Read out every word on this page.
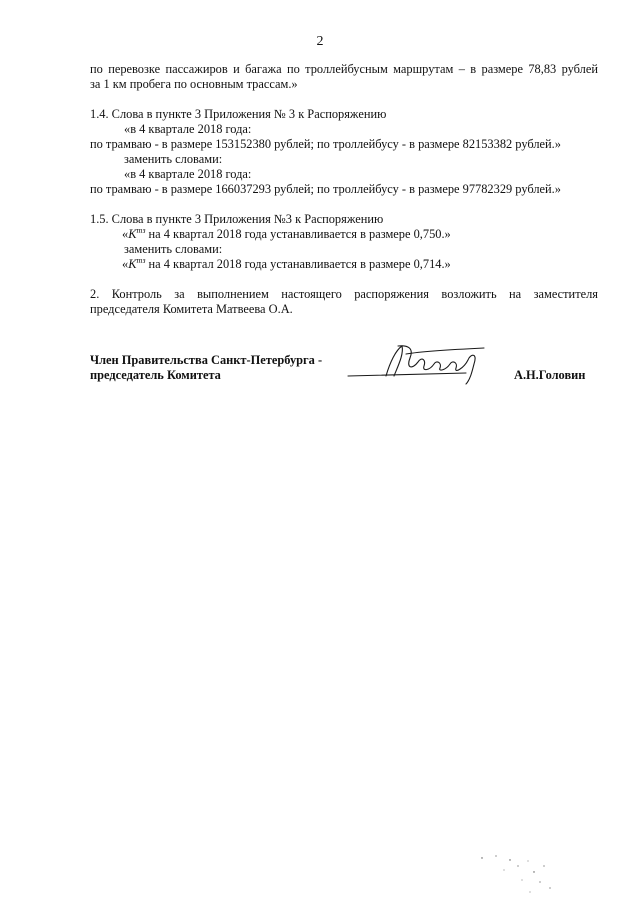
2
по перевозке пассажиров и багажа по троллейбусным маршрутам – в размере 78,83 рублей
за 1 км пробега по основным трассам.»
1.4. Слова в пункте 3 Приложения № 3 к Распоряжению
«в 4 квартале 2018 года:
по трамваю - в размере 153152380 рублей; по троллейбусу - в размере 82153382 рублей.»
заменить словами:
«в 4 квартале 2018 года:
по трамваю - в размере 166037293 рублей; по троллейбусу - в размере 97782329 рублей.»
1.5. Слова в пункте 3 Приложения №3 к Распоряжению
«$К^{тз}$ на 4 квартал 2018 года устанавливается в размере 0,750.»
заменить словами:
«$К^{тз}$ на 4 квартал 2018 года устанавливается в размере 0,714.»
2. Контроль за выполнением настоящего распоряжения возложить на заместителя
председателя Комитета Матвеева О.А.
Член Правительства Санкт-Петербурга -
председатель Комитета	А.Н.Головин
